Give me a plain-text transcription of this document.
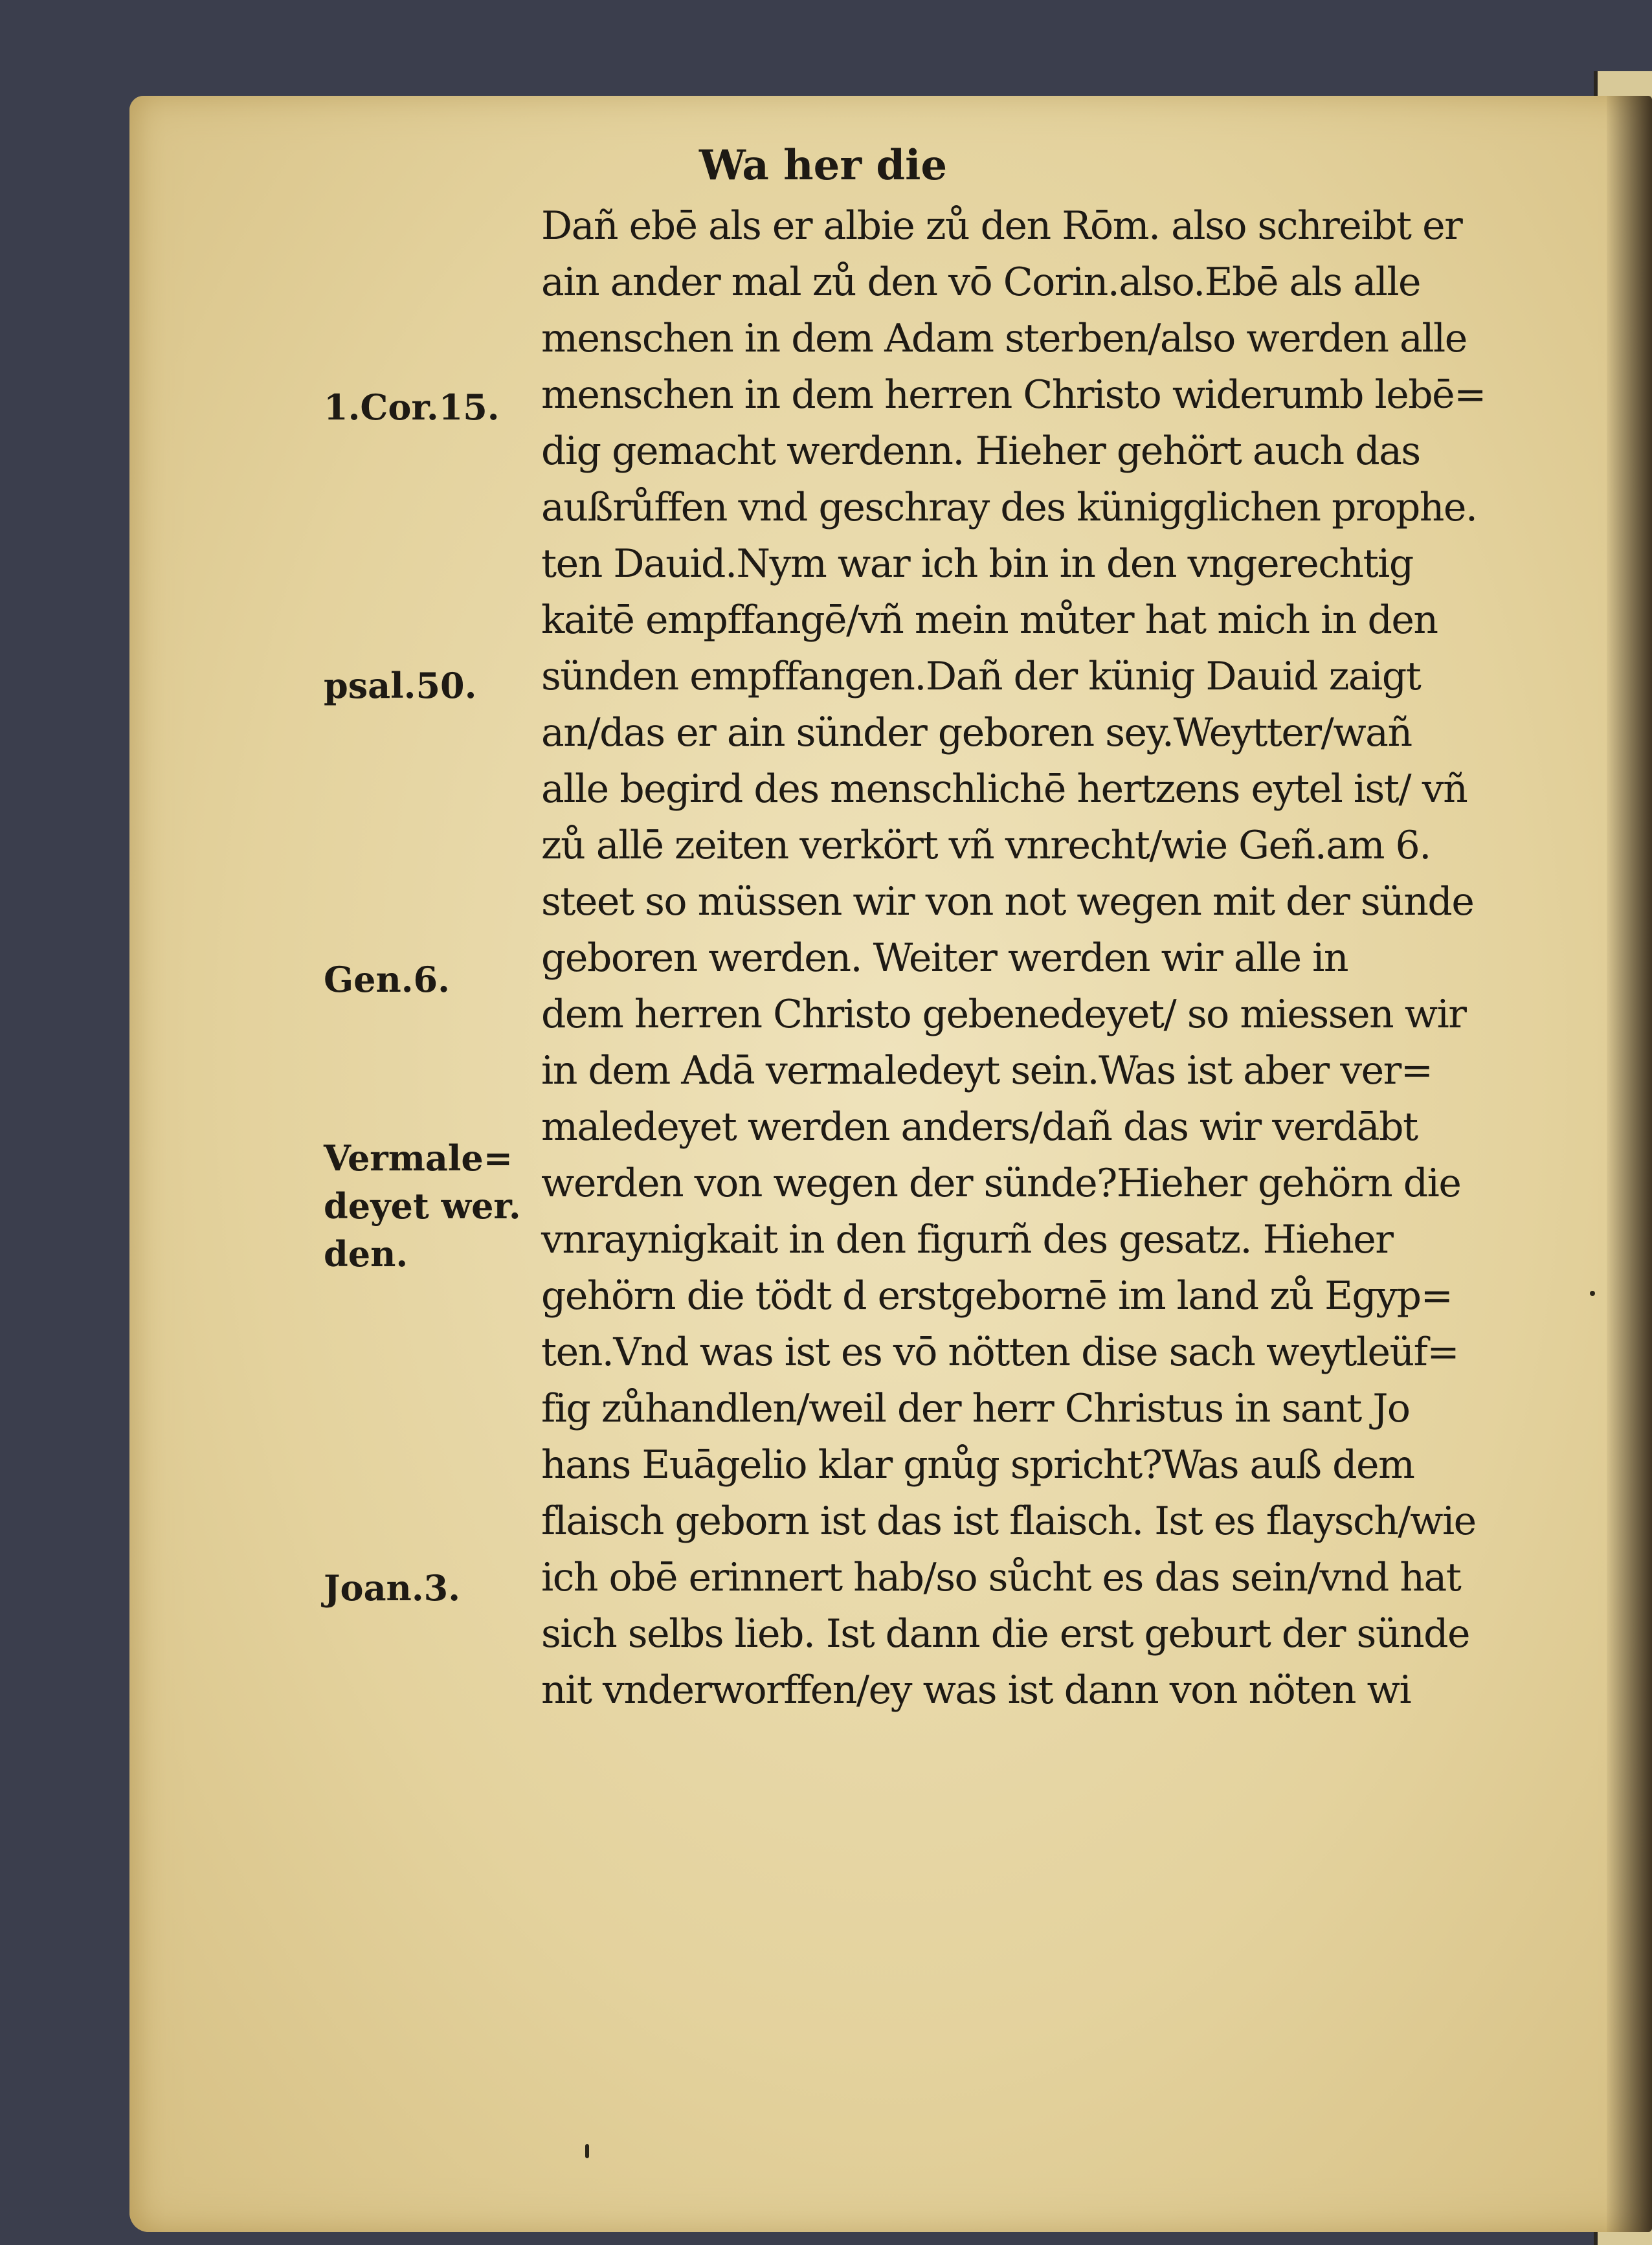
Wa her die
Dañ ebē als er albie zů den Rōm. also schreibt er
ain ander mal zů den vō Corin.also.Ebē als alle
menschen in dem Adam sterben/also werden alle
menschen in dem herren Christo widerumb lebē=
dig gemacht werdenn. Hieher gehört auch das
außrůffen vnd geschray des künigglichen prophe.
ten Dauid.Nym war ich bin in den vngerechtig
kaitē empffangē/vñ mein můter hat mich in den
sünden empffangen.Dañ der künig Dauid zaigt
an/das er ain sünder geboren sey.Weytter/wañ
alle begird des menschlichē hertzens eytel ist/ vñ
zů allē zeiten verkört vñ vnrecht/wie Geñ.am 6.
steet so müssen wir von not wegen mit der sünde
geboren werden. Weiter werden wir alle in
dem herren Christo gebenedeyet/ so miessen wir
in dem Adā vermaledeyt sein.Was ist aber ver=
maledeyet werden anders/dañ das wir verdābt
werden von wegen der sünde?Hieher gehörn die
vnraynigkait in den figurñ des gesatz. Hieher
gehörn die tödt d erstgebornē im land zů Egyp=
ten.Vnd was ist es vō nötten dise sach weytleüf=
fig zůhandlen/weil der herr Christus in sant Jo
hans Euāgelio klar gnůg spricht?Was auß dem
flaisch geborn ist das ist flaisch. Ist es flaysch/wie
ich obē erinnert hab/so sůcht es das sein/vnd hat
sich selbs lieb. Ist dann die erst geburt der sünde
nit vnderworffen/ey was ist dann von nöten wi
1.Cor.15.
psal.50.
Gen.6.
Vermale=
deyet wer.
den.
Joan.3.
